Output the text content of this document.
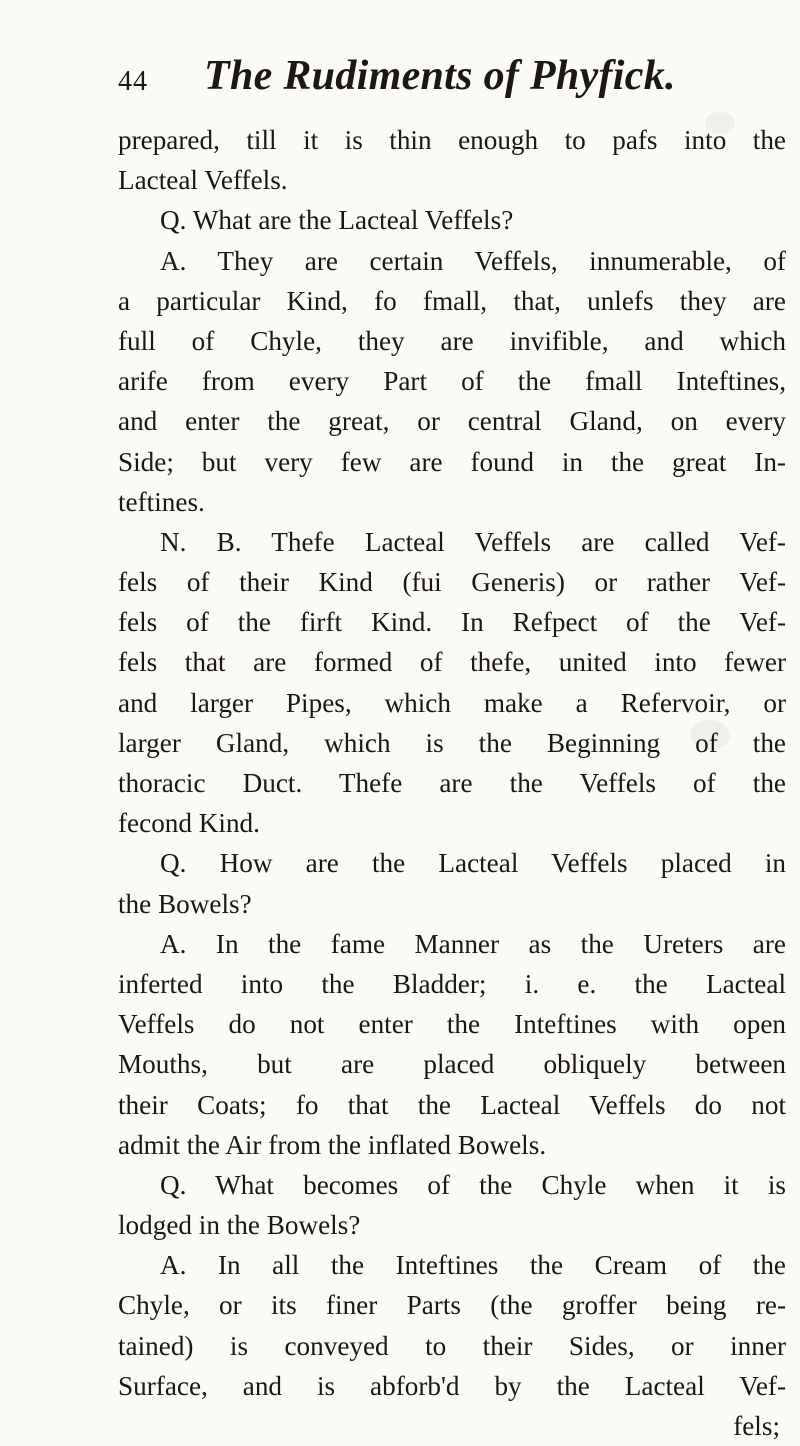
44 The Rudiments of Phyfick.
prepared, till it is thin enough to pafs into the
Lacteal Veffels.
Q. What are the Lacteal Veffels?
A. They are certain Veffels, innumerable, of
a particular Kind, fo fmall, that, unlefs they are
full of Chyle, they are invifible, and which
arife from every Part of the fmall Inteftines,
and enter the great, or central Gland, on every
Side; but very few are found in the great In-
teftines.
N. B. Thefe Lacteal Veffels are called Vef-
fels of their Kind (fui Generis) or rather Vef-
fels of the firft Kind. In Refpect of the Vef-
fels that are formed of thefe, united into fewer
and larger Pipes, which make a Refervoir, or
larger Gland, which is the Beginning of the
thoracic Duct. Thefe are the Veffels of the
fecond Kind.
Q. How are the Lacteal Veffels placed in
the Bowels?
A. In the fame Manner as the Ureters are
inferted into the Bladder; i. e. the Lacteal
Veffels do not enter the Inteftines with open
Mouths, but are placed obliquely between
their Coats; fo that the Lacteal Veffels do not
admit the Air from the inflated Bowels.
Q. What becomes of the Chyle when it is
lodged in the Bowels?
A. In all the Inteftines the Cream of the
Chyle, or its finer Parts (the groffer being re-
tained) is conveyed to their Sides, or inner
Surface, and is abforb'd by the Lacteal Vef-
fels;
